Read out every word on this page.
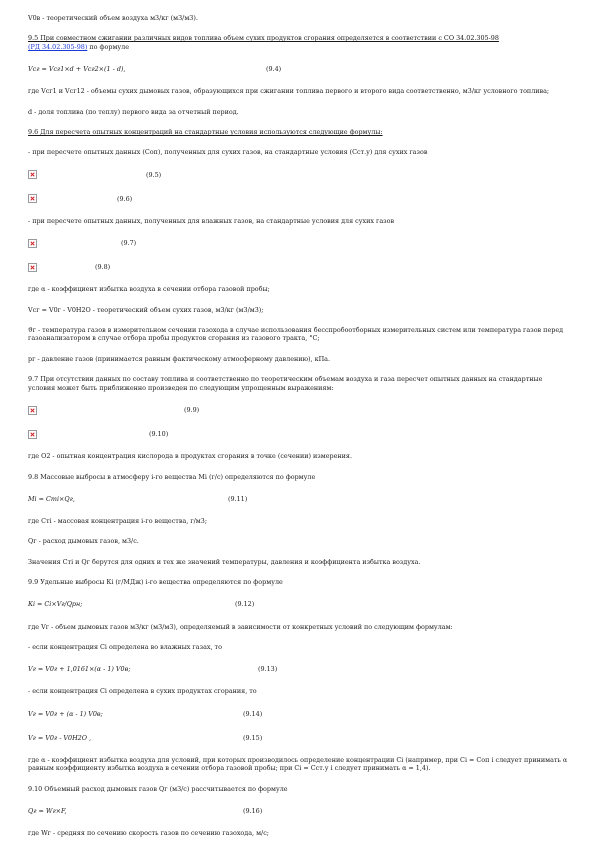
V0в - теоретический объем воздуха м3/кг (м3/м3).

9.5 При совместном сжигании различных видов топлива объем сухих продуктов сгорания определяется в соответствии с СО 34.02.305-98

(РД 34.02.305-98) по формуле

Vсг = Vсг1×d + Vсг2×(1 - d),	(9.4)

где Vсг1 и Vсг12 - объемы сухих дымовых газов, образующихся при сжигании топлива первого и второго вида соответственно, м3/кг условного топлива;

d - доля топлива (по теплу) первого вида за отчетный период.

9.6 Для пересчета опытных концентраций на стандартные условия используются следующие формулы:

- при пересчете опытных данных (Соп), полученных для сухих газов, на стандартные условия (Сст.у) для сухих газов

(9.5)
(9.6)

- при пересчете опытных данных, полученных для влажных газов, на стандартные условия для сухих газов

(9.7)
(9.8)

где α - коэффициент избытка воздуха в сечении отбора газовой пробы;

Vсг = V0г - V0Н2О - теоретический объем сухих газов, м3/кг (м3/м3);

ϑг - температура газов в измерительном сечении газохода в случае использования бесспробоотборных измерительных систем или температура газов перед газоанализатором в случае отбора пробы продуктов сгорания из газового тракта, °С;

pг - давление газов (принимается равным фактическому атмосферному давлению), кПа.

9.7 При отсутствии данных по составу топлива и соответственно по теоретическим объемам воздуха и газа пересчет опытных данных на стандартные условия может быть приближенно произведен по следующим упрощенным выражениям:

(9.9)
(9.10)

где О2 - опытная концентрация кислорода в продуктах сгорания в точке (сечении) измерения.

9.8 Массовые выбросы в атмосферу i-го вещества Мi (г/с) определяются по формуле

Мi = Стi×Qг,	(9.11)

где Стi - массовая концентрация i-го вещества, г/м3;

Qг - расход дымовых газов, м3/с.

Значения Стi и Qг берутся для одних и тех же значений температуры, давления и коэффициента избытка воздуха.

9.9 Удельные выбросы Кi (г/МДж) i-го вещества определяются по формуле

Кi = Сi×Vг/Qрн;	(9.12)

где Vг - объем дымовых газов м3/кг (м3/м3), определяемый в зависимости от конкретных условий по следующим формулам:

- если концентрация Сi определена во влажных газах, то

Vг = V0г + 1,0161×(α - 1) V0в;	(9.13)

- если концентрация Сi определена в сухих продуктах сгорания, то

Vг = V0г + (α - 1) V0в;	(9.14)
Vг = V0г - V0Н2О ,	(9.15)

где α - коэффициент избытка воздуха для условий, при которых производилось определение концентрации Сi (например, при Сi = Соп i следует принимать α равным коэффициенту избытка воздуха в сечении отбора газовой пробы; при Сi = Сст.у i следует принимать α = 1,4).

9.10 Объемный расход дымовых газов Qг (м3/с) рассчитывается по формуле

Qг = Wг×F,	(9.16)

где Wг - средняя по сечению скорость газов по сечению газохода, м/с;
